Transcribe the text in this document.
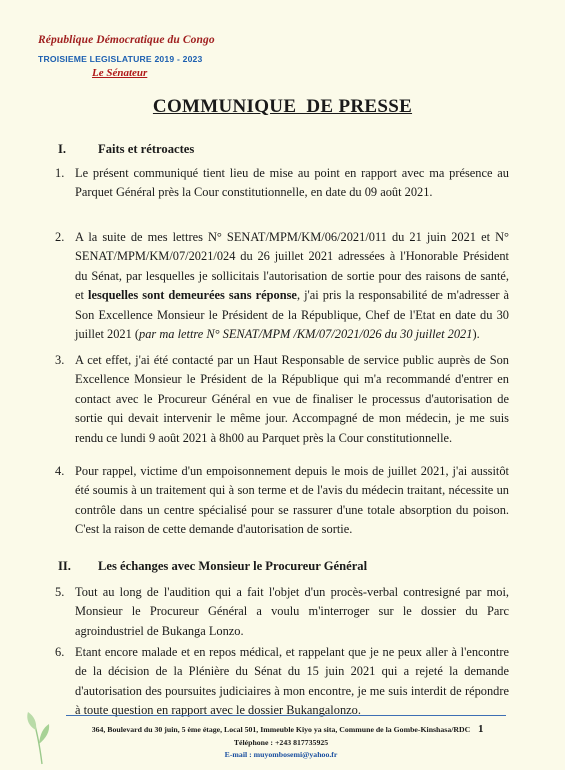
République Démocratique du Congo
TROISIEME LEGISLATURE 2019 - 2023
Le Sénateur
COMMUNIQUE  DE PRESSE
I.	Faits et rétroactes
1. Le présent communiqué tient lieu de mise au point en rapport avec ma présence au Parquet Général près la Cour constitutionnelle, en date du 09 août 2021.

2. A la suite de mes lettres N° SENAT/MPM/KM/06/2021/011 du 21 juin 2021 et N° SENAT/MPM/KM/07/2021/024 du 26 juillet 2021 adressées à l'Honorable Président du Sénat, par lesquelles je sollicitais l'autorisation de sortie pour des raisons de santé, et lesquelles sont demeurées sans réponse, j'ai pris la responsabilité de m'adresser à Son Excellence Monsieur le Président de la République, Chef de l'Etat en date du 30 juillet 2021 (par ma lettre N° SENAT/MPM /KM/07/2021/026 du 30 juillet 2021).

3. A cet effet, j'ai été contacté par un Haut Responsable de service public auprès de Son Excellence Monsieur le Président de la République qui m'a recommandé d'entrer en contact avec le Procureur Général en vue de finaliser le processus d'autorisation de sortie qui devait intervenir le même jour. Accompagné de mon médecin, je me suis rendu ce lundi 9 août 2021 à 8h00 au Parquet près la Cour constitutionnelle.

4. Pour rappel, victime d'un empoisonnement depuis le mois de juillet 2021, j'ai aussitôt été soumis à un traitement qui à son terme et de l'avis du médecin traitant, nécessite un contrôle dans un centre spécialisé pour se rassurer d'une totale absorption du poison. C'est la raison de cette demande d'autorisation de sortie.

II. Les échanges avec Monsieur le Procureur Général
5. Tout au long de l'audition qui a fait l'objet d'un procès-verbal contresigné par moi, Monsieur le Procureur Général a voulu m'interroger sur le dossier du Parc agroindustriel de Bukanga Lonzo.

6. Etant encore malade et en repos médical, et rappelant que je ne peux aller à l'encontre de la décision de la Plénière du Sénat du 15 juin 2021 qui a rejeté la demande d'autorisation des poursuites judiciaires à mon encontre, je me suis interdit de répondre à toute question en rapport avec le dossier Bukangalonzo.

364, Boulevard du 30 juin, 5 ème étage, Local 501, Immeuble Kiyo ya sita, Commune de la Gombe-Kinshasa/RDC
Téléphone : +243 817735925
E-mail : muyombosemi@yahoo.fr
1
